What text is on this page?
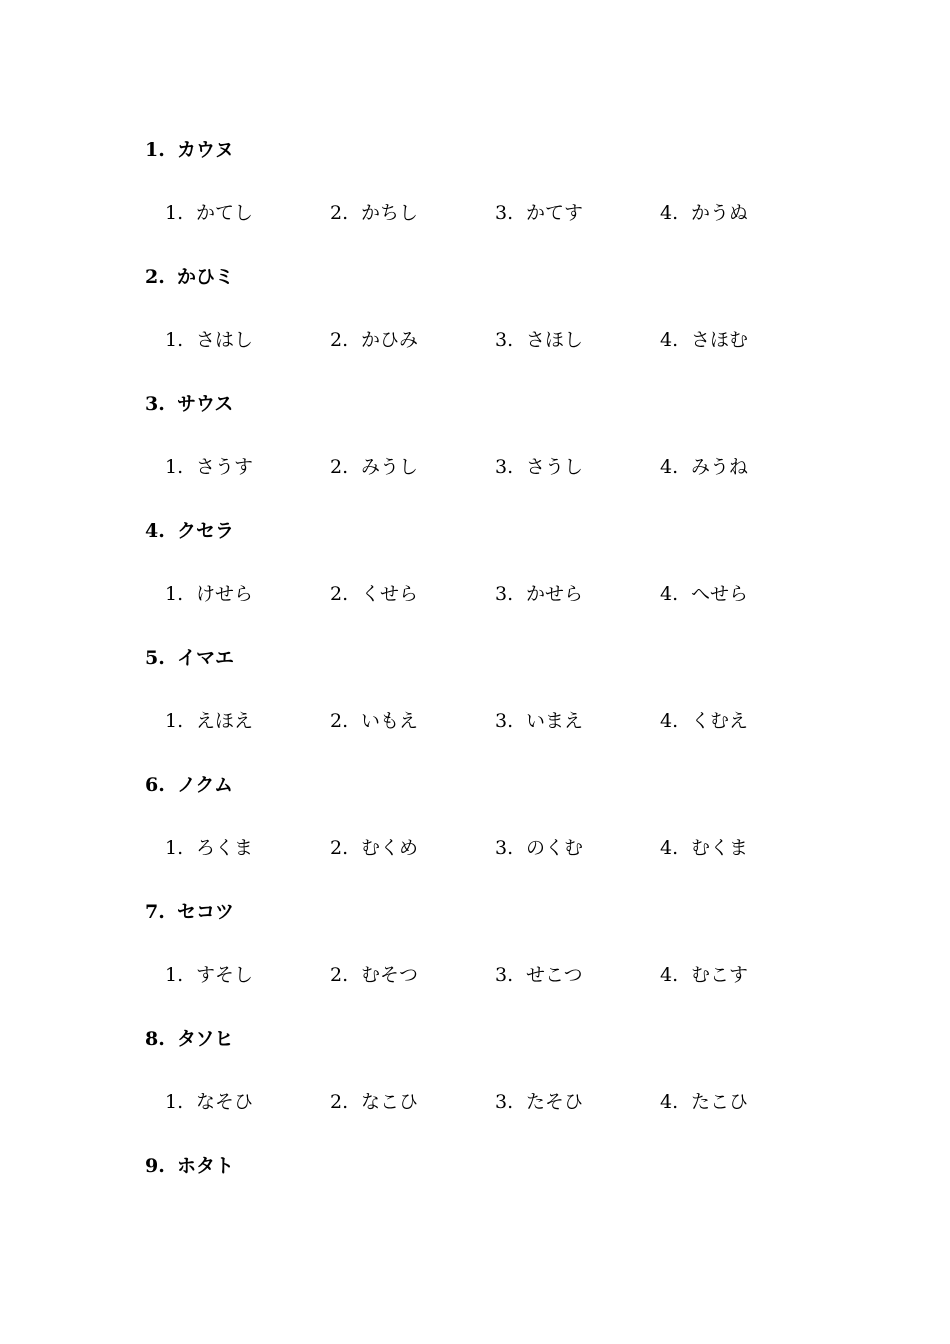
1. カウヌ
1. かてし	2. かちし	3. かてす	4. かうぬ
2. かひミ
1. さはし	2. かひみ	3. さほし	4. さほむ
3. サウス
1. さうす	2. みうし	3. さうし	4. みうね
4. クセラ
1. けせら	2. くせら	3. かせら	4. へせら
5. イマエ
1. えほえ	2. いもえ	3. いまえ	4. くむえ
6. ノクム
1. ろくま	2. むくめ	3. のくむ	4. むくま
7. セコツ
1. すそし	2. むそつ	3. せこつ	4. むこす
8. タソヒ
1. なそひ	2. なこひ	3. たそひ	4. たこひ
9. ホタト
